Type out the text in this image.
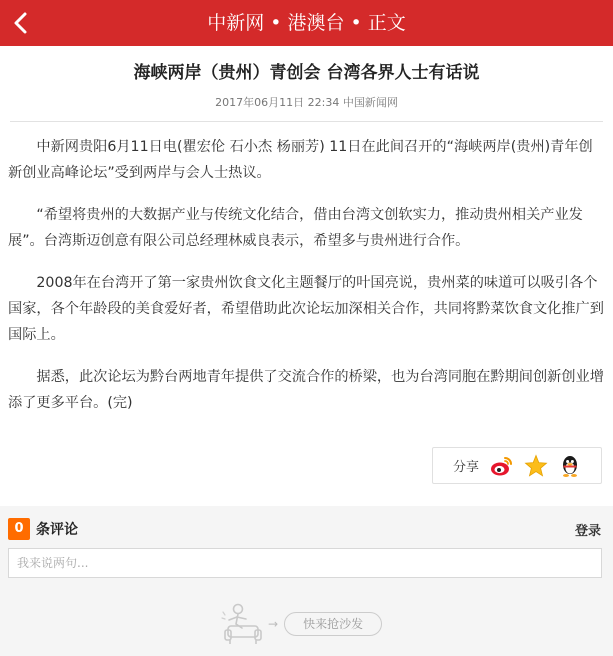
中新网 • 港澳台 • 正文
海峡两岸（贵州）青创会 台湾各界人士有话说
2017年06月11日 22:34 中国新闻网

中新网贵阳6月11日电(瞿宏伦 石小杰 杨丽芳) 11日在此间召开的“海峡两岸(贵州)青年创新创业高峰论坛”受到两岸与会人士热议。

“希望将贵州的大数据产业与传统文化结合，借由台湾文创软实力，推动贵州相关产业发展”。台湾斯迈创意有限公司总经理林威良表示，希望多与贵州进行合作。

2008年在台湾开了第一家贵州饮食文化主题餐厅的叶国亮说，贵州菜的味道可以吸引各个国家，各个年龄段的美食爱好者，希望借助此次论坛加深相关合作，共同将黔菜饮食文化推广到国际上。

据悉，此次论坛为黔台两地青年提供了交流合作的桥梁，也为台湾同胞在黔期间创新创业增添了更多平台。(完)

分享
0 条评论	登录
我来说两句...
→	快来抢沙发
